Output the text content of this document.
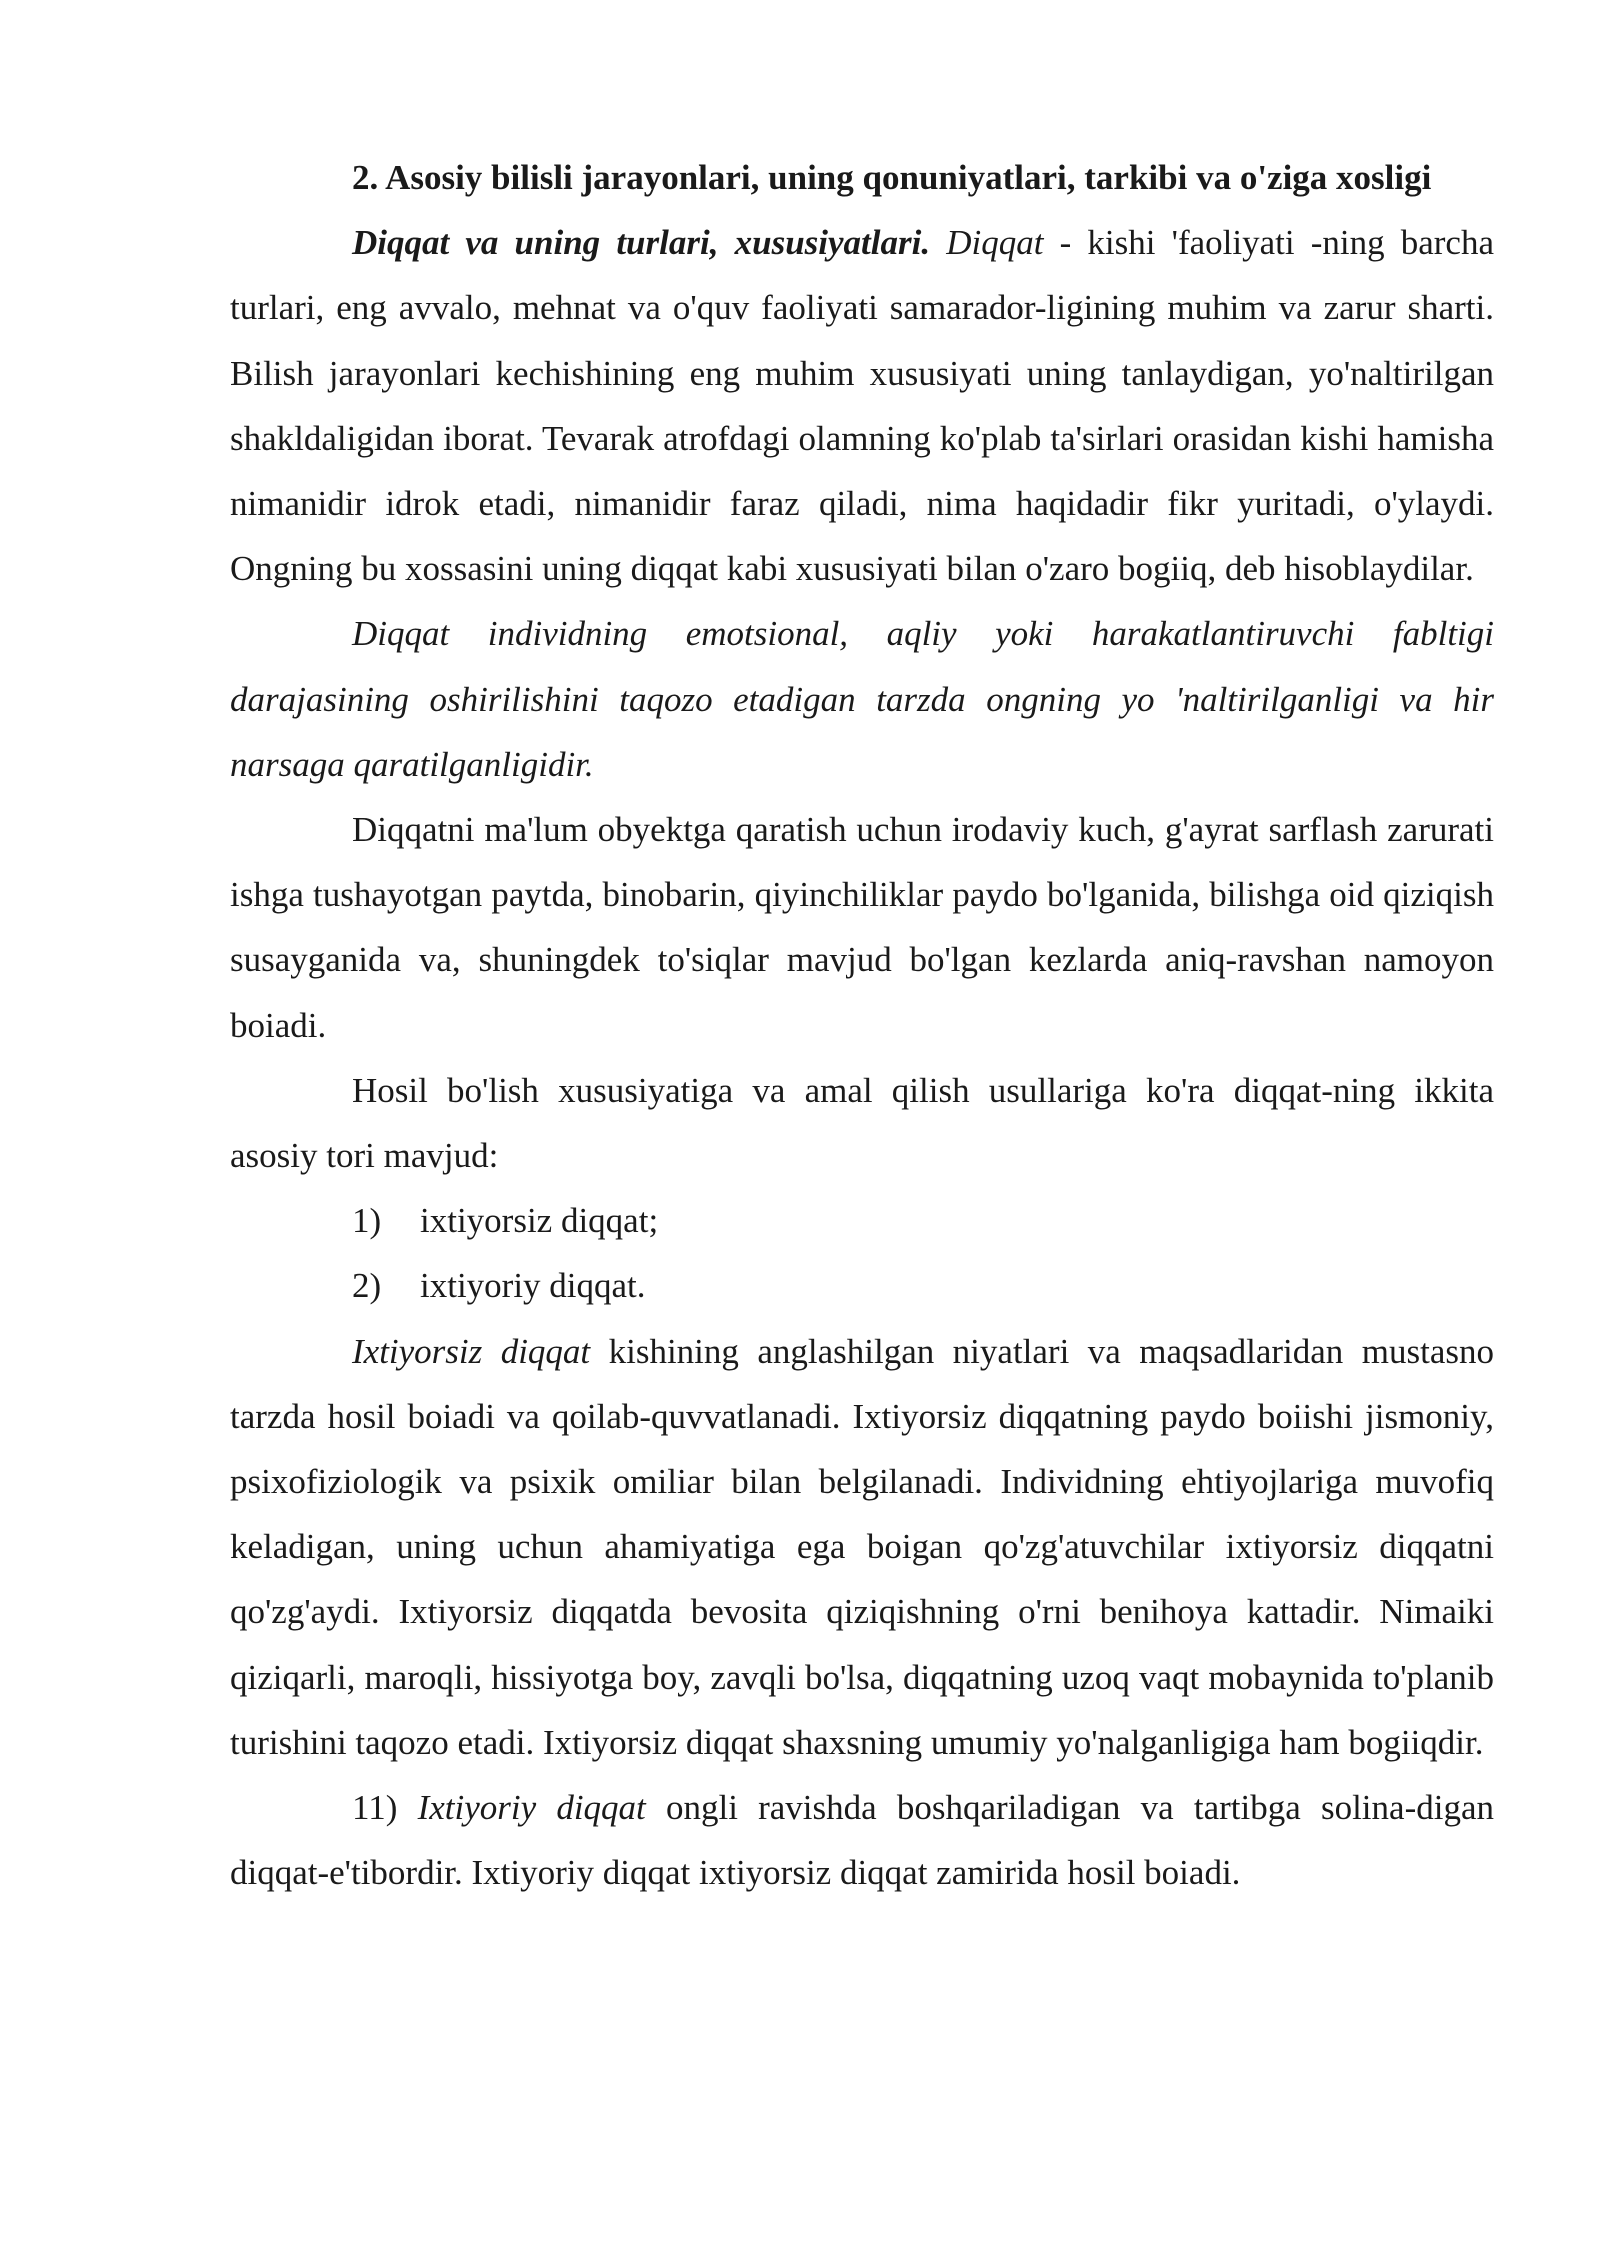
2. Asosiy bilisli jarayonlari, uning qonuniyatlari, tarkibi va o'ziga xosligi

Diqqat va uning turlari, xususiyatlari. Diqqat - kishi 'faoliyati -ning barcha turlari, eng avvalo, mehnat va o'quv faoliyati samarador-ligining muhim va zarur sharti. Bilish jarayonlari kechishining eng muhim xususiyati uning tanlaydigan, yo'naltirilgan shakldaligidan iborat. Tevarak atrofdagi olamning ko'plab ta'sirlari orasidan kishi hamisha nimanidir idrok etadi, nimanidir faraz qiladi, nima haqidadir fikr yuritadi, o'ylaydi. Ongning bu xossasini uning diqqat kabi xususiyati bilan o'zaro bogiiq, deb hisoblaydilar.

Diqqat individning emotsional, aqliy yoki harakatlantiruvchi fabltigi darajasining oshirilishini taqozo etadigan tarzda ongning yo 'naltirilganligi va hir narsaga qaratilganligidir.

Diqqatni ma'lum obyektga qaratish uchun irodaviy kuch, g'ayrat sarflash zarurati ishga tushayotgan paytda, binobarin, qiyinchiliklar paydo bo'lganida, bilishga oid qiziqish susayganida va, shuningdek to'siqlar mavjud bo'lgan kezlarda aniq-ravshan namoyon boiadi.

Hosil bo'lish xususiyatiga va amal qilish usullariga ko'ra diqqat-ning ikkita asosiy tori mavjud:

1) ixtiyorsiz diqqat;

2) ixtiyoriy diqqat.

Ixtiyorsiz diqqat kishining anglashilgan niyatlari va maqsadlaridan mustasno tarzda hosil boiadi va qoilab-quvvatlanadi. Ixtiyorsiz diqqatning paydo boiishi jismoniy, psixofiziologik va psixik omiliar bilan belgilanadi. Individning ehtiyojlariga muvofiq keladigan, uning uchun ahamiyatiga ega boigan qo'zg'atuvchilar ixtiyorsiz diqqatni qo'zg'aydi. Ixtiyorsiz diqqatda bevosita qiziqishning o'rni benihoya kattadir. Nimaiki qiziqarli, maroqli, hissiyotga boy, zavqli bo'lsa, diqqatning uzoq vaqt mobaynida to'planib turishini taqozo etadi. Ixtiyorsiz diqqat shaxsning umumiy yo'nalganligiga ham bogiiqdir.

11) Ixtiyoriy diqqat ongli ravishda boshqariladigan va tartibga solina-digan diqqat-e'tibordir. Ixtiyoriy diqqat ixtiyorsiz diqqat zamirida hosil boiadi.
